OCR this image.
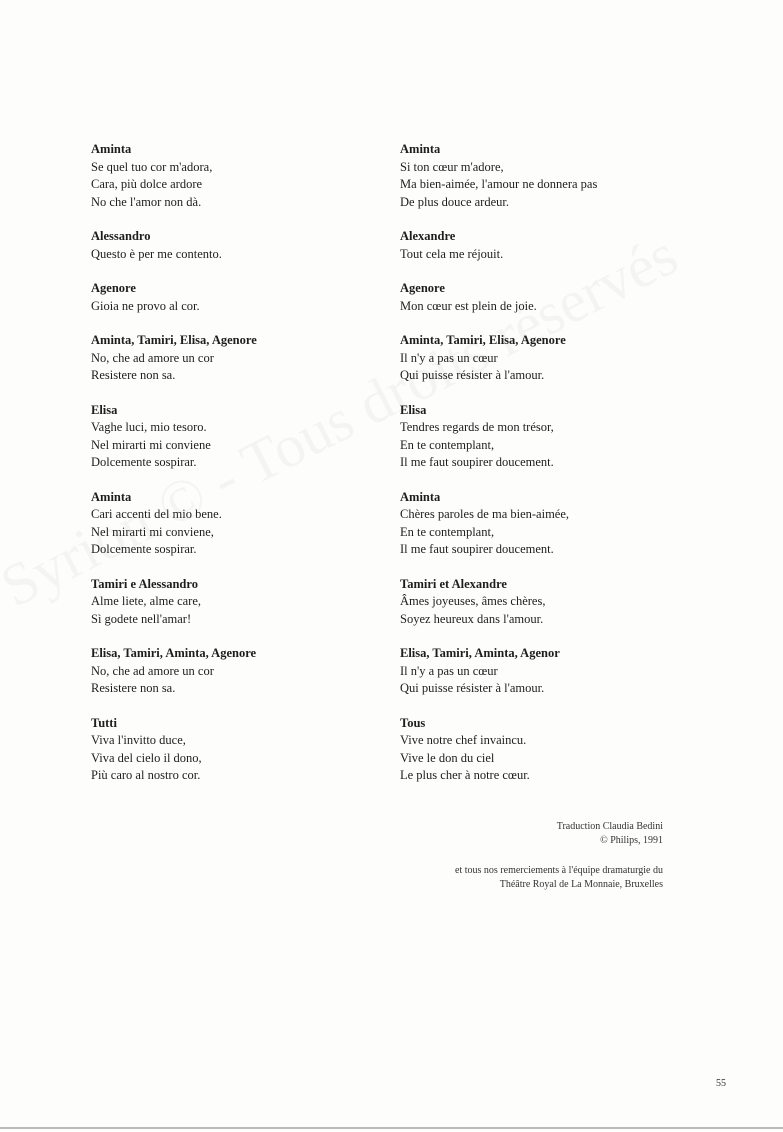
Aminta
Se quel tuo cor m'adora,
Cara, più dolce ardore
No che l'amor non dà.
Alessandro
Questo è per me contento.
Agenore
Gioia ne provo al cor.
Aminta, Tamiri, Elisa, Agenore
No, che ad amore un cor
Resistere non sa.
Elisa
Vaghe luci, mio tesoro.
Nel mirarti mi conviene
Dolcemente sospirar.
Aminta
Cari accenti del mio bene.
Nel mirarti mi conviene,
Dolcemente sospirar.
Tamiri e Alessandro
Alme liete, alme care,
Sì godete nell'amar!
Elisa, Tamiri, Aminta, Agenore
No, che ad amore un cor
Resistere non sa.
Tutti
Viva l'invitto duce,
Viva del cielo il dono,
Più caro al nostro cor.
Aminta
Si ton cœur m'adore,
Ma bien-aimée, l'amour ne donnera pas
De plus douce ardeur.
Alexandre
Tout cela me réjouit.
Agenore
Mon cœur est plein de joie.
Aminta, Tamiri, Elisa, Agenore
Il n'y a pas un cœur
Qui puisse résister à l'amour.
Elisa
Tendres regards de mon trésor,
En te contemplant,
Il me faut soupirer doucement.
Aminta
Chères paroles de ma bien-aimée,
En te contemplant,
Il me faut soupirer doucement.
Tamiri et Alexandre
Âmes joyeuses, âmes chères,
Soyez heureux dans l'amour.
Elisa, Tamiri, Aminta, Agenor
Il n'y a pas un cœur
Qui puisse résister à l'amour.
Tous
Vive notre chef invaincu.
Vive le don du ciel
Le plus cher à notre cœur.
Traduction Claudia Bedini
© Philips, 1991
et tous nos remerciements à l'équipe dramaturgie du
Théâtre Royal de La Monnaie, Bruxelles
55
